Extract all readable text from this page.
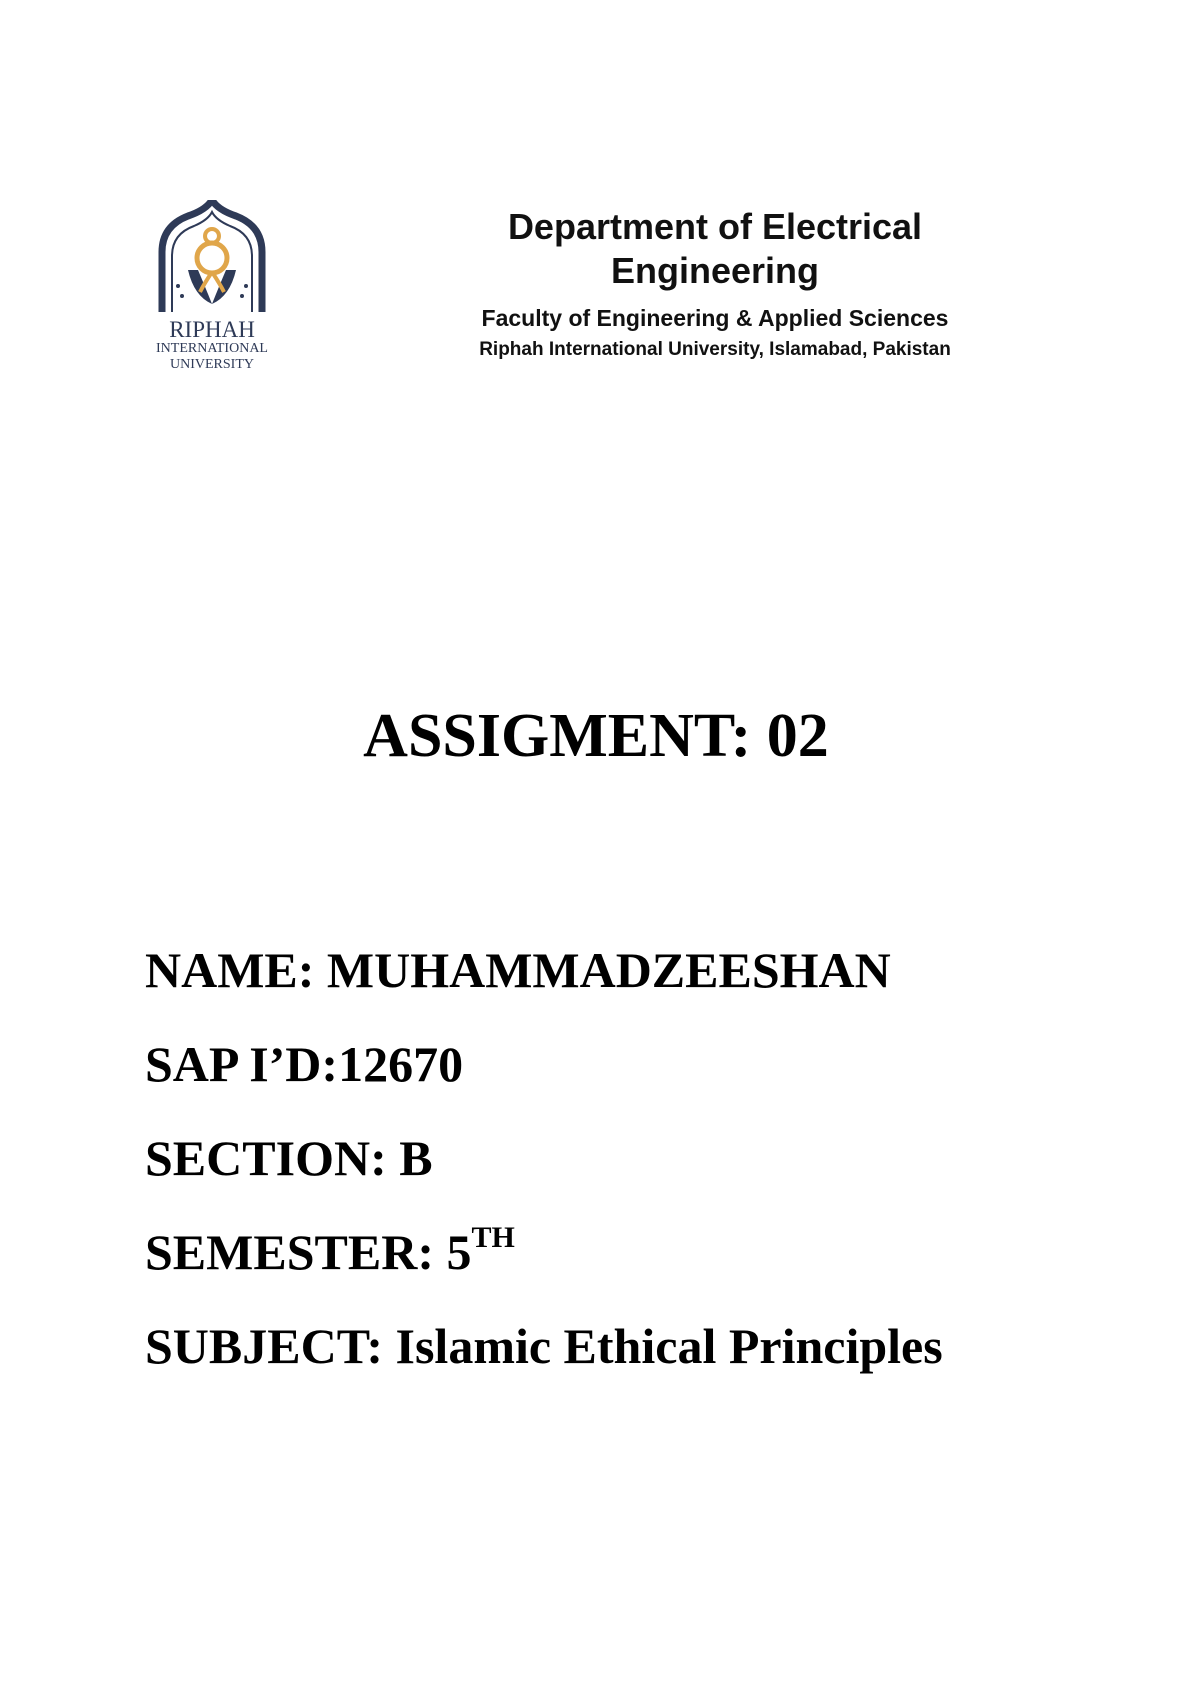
RIPHAH
INTERNATIONAL
UNIVERSITY
Department of Electrical
Engineering
Faculty of Engineering & Applied Sciences
Riphah International University, Islamabad, Pakistan
ASSIGMENT: 02
NAME: MUHAMMADZEESHAN
SAP I’D:12670
SECTION: B
SEMESTER: 5TH
SUBJECT: Islamic Ethical Principles
